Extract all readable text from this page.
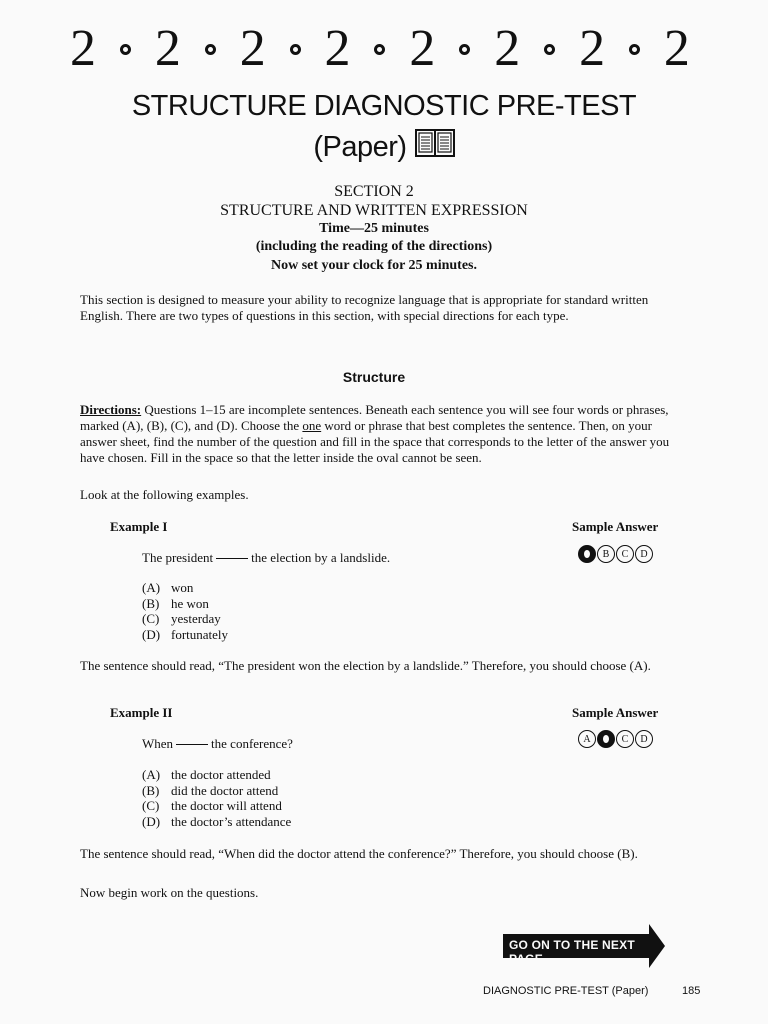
2 2 2 2 2 2 2 2
STRUCTURE DIAGNOSTIC PRE-TEST
(Paper)
SECTION 2
STRUCTURE AND WRITTEN EXPRESSION
Time—25 minutes
(including the reading of the directions)
Now set your clock for 25 minutes.
This section is designed to measure your ability to recognize language that is appropriate for standard written English. There are two types of questions in this section, with special directions for each type.
Structure
Directions: Questions 1–15 are incomplete sentences. Beneath each sentence you will see four words or phrases, marked (A), (B), (C), and (D). Choose the one word or phrase that best completes the sentence. Then, on your answer sheet, find the number of the question and fill in the space that corresponds to the letter of the answer you have chosen. Fill in the space so that the letter inside the oval cannot be seen.
Look at the following examples.
Example I	Sample Answer
The president	the election by a landslide.	B	C	D
(A) won
(B) he won
(C) yesterday
(D) fortunately
The sentence should read, “The president won the election by a landslide.” Therefore, you should choose (A).
Example II	Sample Answer
When	the conference?	A	C	D
(A) the doctor attended
(B) did the doctor attend
(C) the doctor will attend
(D) the doctor’s attendance
The sentence should read, “When did the doctor attend the conference?” Therefore, you should choose (B).
Now begin work on the questions.
GO ON TO THE NEXT PAGE
DIAGNOSTIC PRE-TEST (Paper)	185
